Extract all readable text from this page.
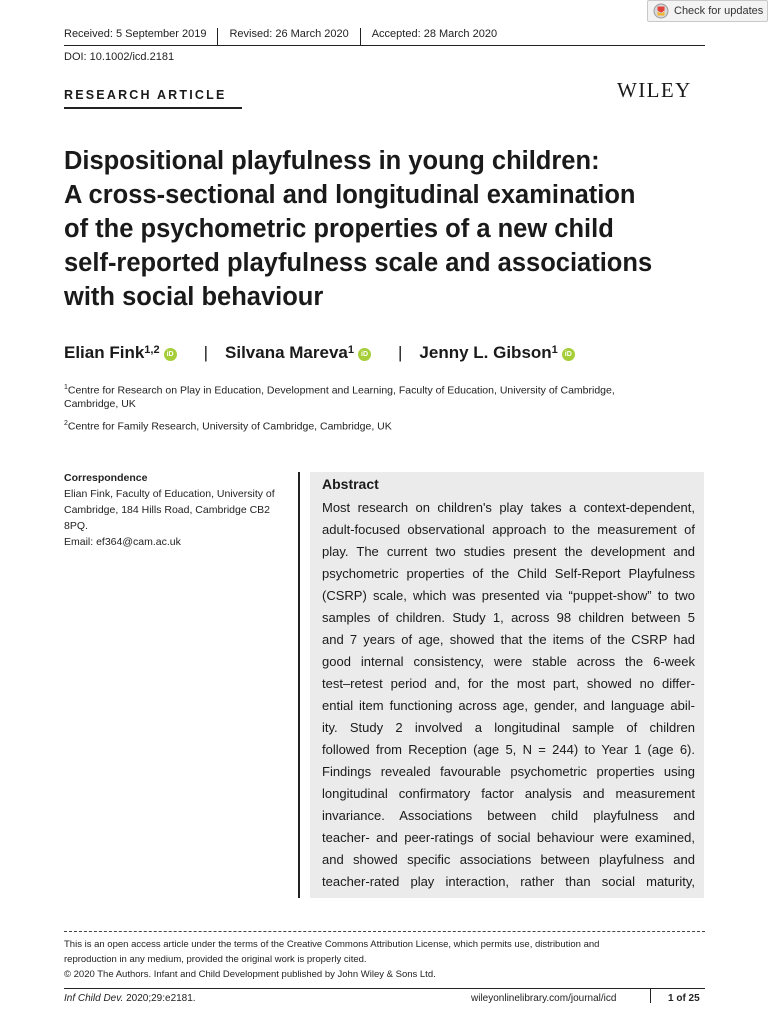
Check for updates
Received: 5 September 2019	Revised: 26 March 2020	Accepted: 28 March 2020
DOI: 10.1002/icd.2181
RESEARCH ARTICLE	WILEY
Dispositional playfulness in young children:
A cross-sectional and longitudinal examination
of the psychometric properties of a new child
self-reported playfulness scale and associations
with social behaviour
Elian Fink$^{1,2}$	iD | Silvana Mareva$^1$	iD | Jenny L. Gibson$^1$	iD
$^1$Centre for Research on Play in Education, Development and Learning, Faculty of Education, University of Cambridge,
Cambridge, UK
$^2$Centre for Family Research, University of Cambridge, Cambridge, UK
Correspondence
Elian Fink, Faculty of Education, University of
Cambridge, 184 Hills Road, Cambridge CB2
8PQ.
Email: ef364@cam.ac.uk
Abstract
Most research on children's play takes a context-dependent,
adult-focused observational approach to the measurement of
play. The current two studies present the development and
psychometric properties of the Child Self-Report Playfulness
(CSRP) scale, which was presented via “puppet-show” to two
samples of children. Study 1, across 98 children between 5
and 7 years of age, showed that the items of the CSRP had
good internal consistency, were stable across the 6-week
test–retest period and, for the most part, showed no differ-
ential item functioning across age, gender, and language abil-
ity. Study 2 involved a longitudinal sample of children
followed from Reception (age 5, N = 244) to Year 1 (age 6).
Findings revealed favourable psychometric properties using
longitudinal confirmatory factor analysis and measurement
invariance. Associations between child playfulness and
teacher- and peer-ratings of social behaviour were examined,
and showed specific associations between playfulness and
teacher-rated play interaction, rather than social maturity,
This is an open access article under the terms of the Creative Commons Attribution License, which permits use, distribution and
reproduction in any medium, provided the original work is properly cited.
© 2020 The Authors. Infant and Child Development published by John Wiley & Sons Ltd.
Inf Child Dev. 2020;29:e2181.	wileyonlinelibrary.com/journal/icd	1 of 25
